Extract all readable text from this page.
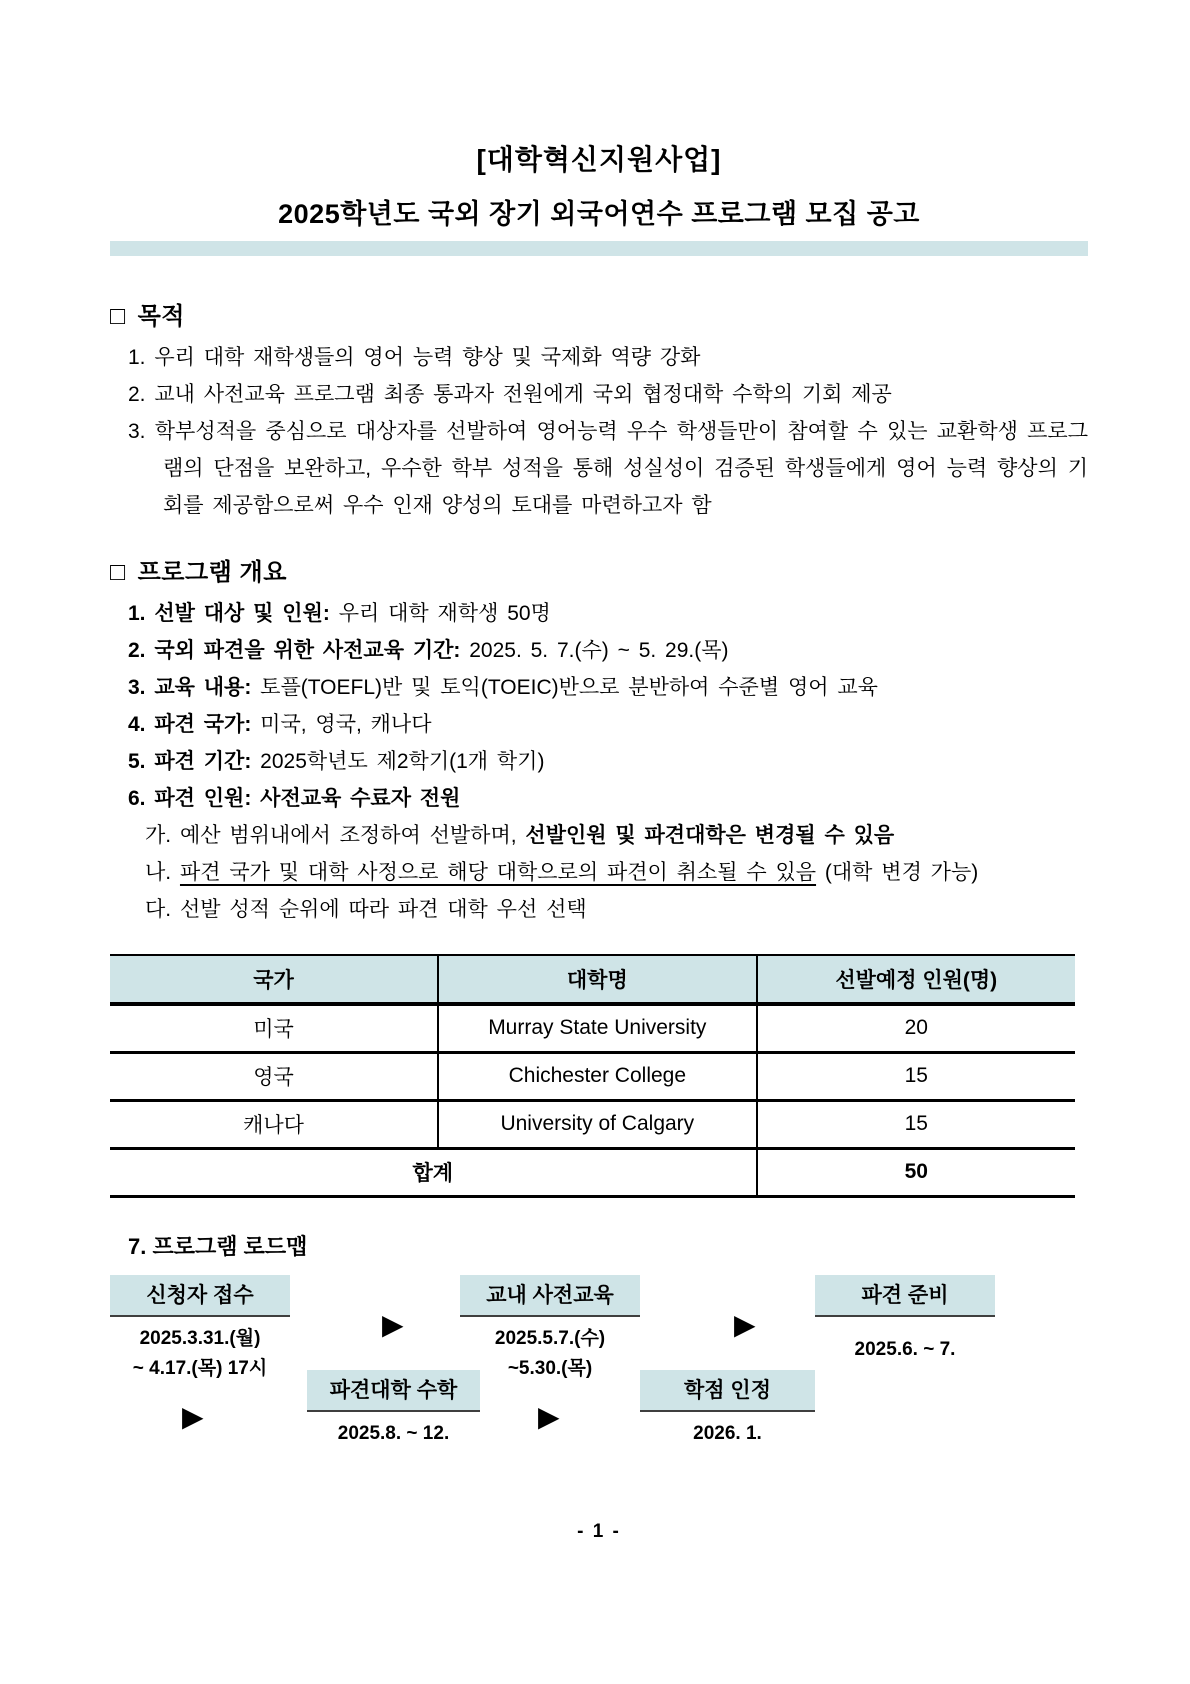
[대학혁신지원사업]
2025학년도 국외 장기 외국어연수 프로그램 모집 공고
□ 목적
1. 우리 대학 재학생들의 영어 능력 향상 및 국제화 역량 강화
2. 교내 사전교육 프로그램 최종 통과자 전원에게 국외 협정대학 수학의 기회 제공
3. 학부성적을 중심으로 대상자를 선발하여 영어능력 우수 학생들만이 참여할 수 있는 교환학생 프로그램의 단점을 보완하고, 우수한 학부 성적을 통해 성실성이 검증된 학생들에게 영어 능력 향상의 기회를 제공함으로써 우수 인재 양성의 토대를 마련하고자 함
□ 프로그램 개요
1. 선발 대상 및 인원: 우리 대학 재학생 50명
2. 국외 파견을 위한 사전교육 기간: 2025. 5. 7.(수) ~ 5. 29.(목)
3. 교육 내용: 토플(TOEFL)반 및 토익(TOEIC)반으로 분반하여 수준별 영어 교육
4. 파견 국가: 미국, 영국, 캐나다
5. 파견 기간: 2025학년도 제2학기(1개 학기)
6. 파견 인원: 사전교육 수료자 전원
가. 예산 범위내에서 조정하여 선발하며, 선발인원 및 파견대학은 변경될 수 있음
나. 파견 국가 및 대학 사정으로 해당 대학으로의 파견이 취소될 수 있음 (대학 변경 가능)
다. 선발 성적 순위에 따라 파견 대학 우선 선택
국가	대학명	선발예정 인원(명)
미국	Murray State University	20
영국	Chichester College	15
캐나다	University of Calgary	15
합계		50
7. 프로그램 로드맵
신청자 접수
2025.3.31.(월)
~ 4.17.(목) 17시
▶
교내 사전교육
2025.5.7.(수)
~5.30.(목)
▶
파견 준비
2025.6. ~ 7.
▶
파견대학 수학
2025.8. ~ 12.
▶
학점 인정
2026. 1.
- 1 -
